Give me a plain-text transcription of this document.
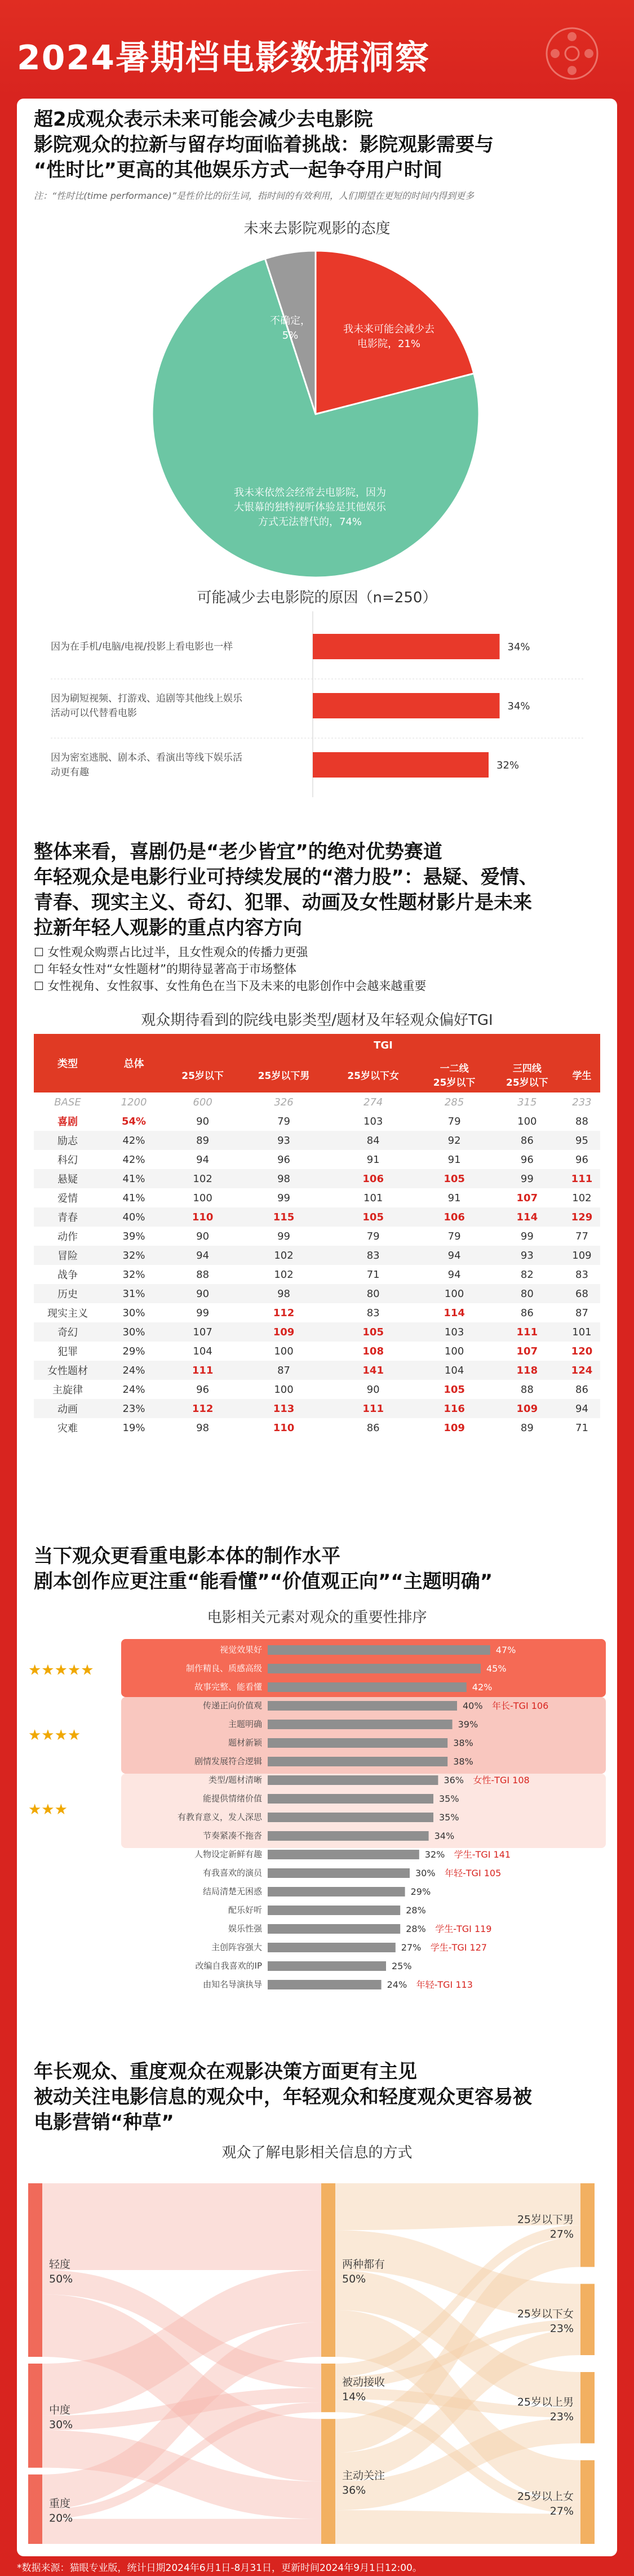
2024暑期档电影数据洞察
超2成观众表示未来可能会减少去电影院
影院观众的拉新与留存均面临着挑战：影院观影需要与
“性时比”更高的其他娱乐方式一起争夺用户时间
注：“性时比(time performance)”是性价比的衍生词，指时间的有效利用，人们期望在更短的时间内得到更多
未来去影院观影的态度
我未来可能会减少去
电影院，21%
我未来依然会经常去电影院，因为
大银幕的独特视听体验是其他娱乐
方式无法替代的，74%
不确定，
5%
可能减少去电影院的原因（n=250）
34%
因为在手机/电脑/电视/投影上看电影也一样
34%
因为刷短视频、打游戏、追剧等其他线上娱乐
活动可以代替看电影
32%
因为密室逃脱、剧本杀、看演出等线下娱乐活
动更有趣
整体来看，喜剧仍是“老少皆宜”的绝对优势赛道
年轻观众是电影行业可持续发展的“潜力股”：悬疑、爱情、
青春、现实主义、奇幻、犯罪、动画及女性题材影片是未来
拉新年轻人观影的重点内容方向
☐ 女性观众购票占比过半，且女性观众的传播力更强
☐ 年轻女性对“女性题材”的期待显著高于市场整体
☐ 女性视角、女性叙事、女性角色在当下及未来的电影创作中会越来越重要
观众期待看到的院线电影类型/题材及年轻观众偏好TGI
类型	总体	TGI					
		25岁以下	25岁以下男	25岁以下女	一二线
25岁以下	三四线
25岁以下	学生
BASE	1200	600	326	274	285	315	233
喜剧	54%	90	79	103	79	100	88
励志	42%	89	93	84	92	86	95
科幻	42%	94	96	91	91	96	96
悬疑	41%	102	98	106	105	99	111
爱情	41%	100	99	101	91	107	102
青春	40%	110	115	105	106	114	129
动作	39%	90	99	79	79	99	77
冒险	32%	94	102	83	94	93	109
战争	32%	88	102	71	94	82	83
历史	31%	90	98	80	100	80	68
现实主义	30%	99	112	83	114	86	87
奇幻	30%	107	109	105	103	111	101
犯罪	29%	104	100	108	100	107	120
女性题材	24%	111	87	141	104	118	124
主旋律	24%	96	100	90	105	88	86
动画	23%	112	113	111	116	109	94
灾难	19%	98	110	86	109	89	71
当下观众更看重电影本体的制作水平
剧本创作应更注重“能看懂”“价值观正向”“主题明确”
电影相关元素对观众的重要性排序
★★★★★
★★★★
★★★
视觉效果好	47%
制作精良、质感高级	45%
故事完整、能看懂	42%
传递正向价值观	40% 年长-TGI 106
主题明确	39%
题材新颖	38%
剧情发展符合逻辑	38%
类型/题材清晰	36% 女性-TGI 108
能提供情绪价值	35%
有教育意义，发人深思	35%
节奏紧凑不拖沓	34%
人物设定新鲜有趣	32% 学生-TGI 141
有我喜欢的演员	30% 年轻-TGI 105
结局清楚无困惑	29%
配乐好听	28%
娱乐性强	28% 学生-TGI 119
主创阵容强大	27% 学生-TGI 127
改编自我喜欢的IP	25%
由知名导演执导	24% 年轻-TGI 113
年长观众、重度观众在观影决策方面更有主见
被动关注电影信息的观众中，年轻观众和轻度观众更容易被
电影营销“种草”
观众了解电影相关信息的方式
轻度
50%
中度
30%
重度
20%
两种都有
50%
被动接收
14%
主动关注
36%
25岁以下男
27%
25岁以下女
23%
25岁以上男
23%
25岁以上女
27%
*数据来源：猫眼专业版，统计日期2024年6月1日-8月31日，更新时间2024年9月1日12:00。
